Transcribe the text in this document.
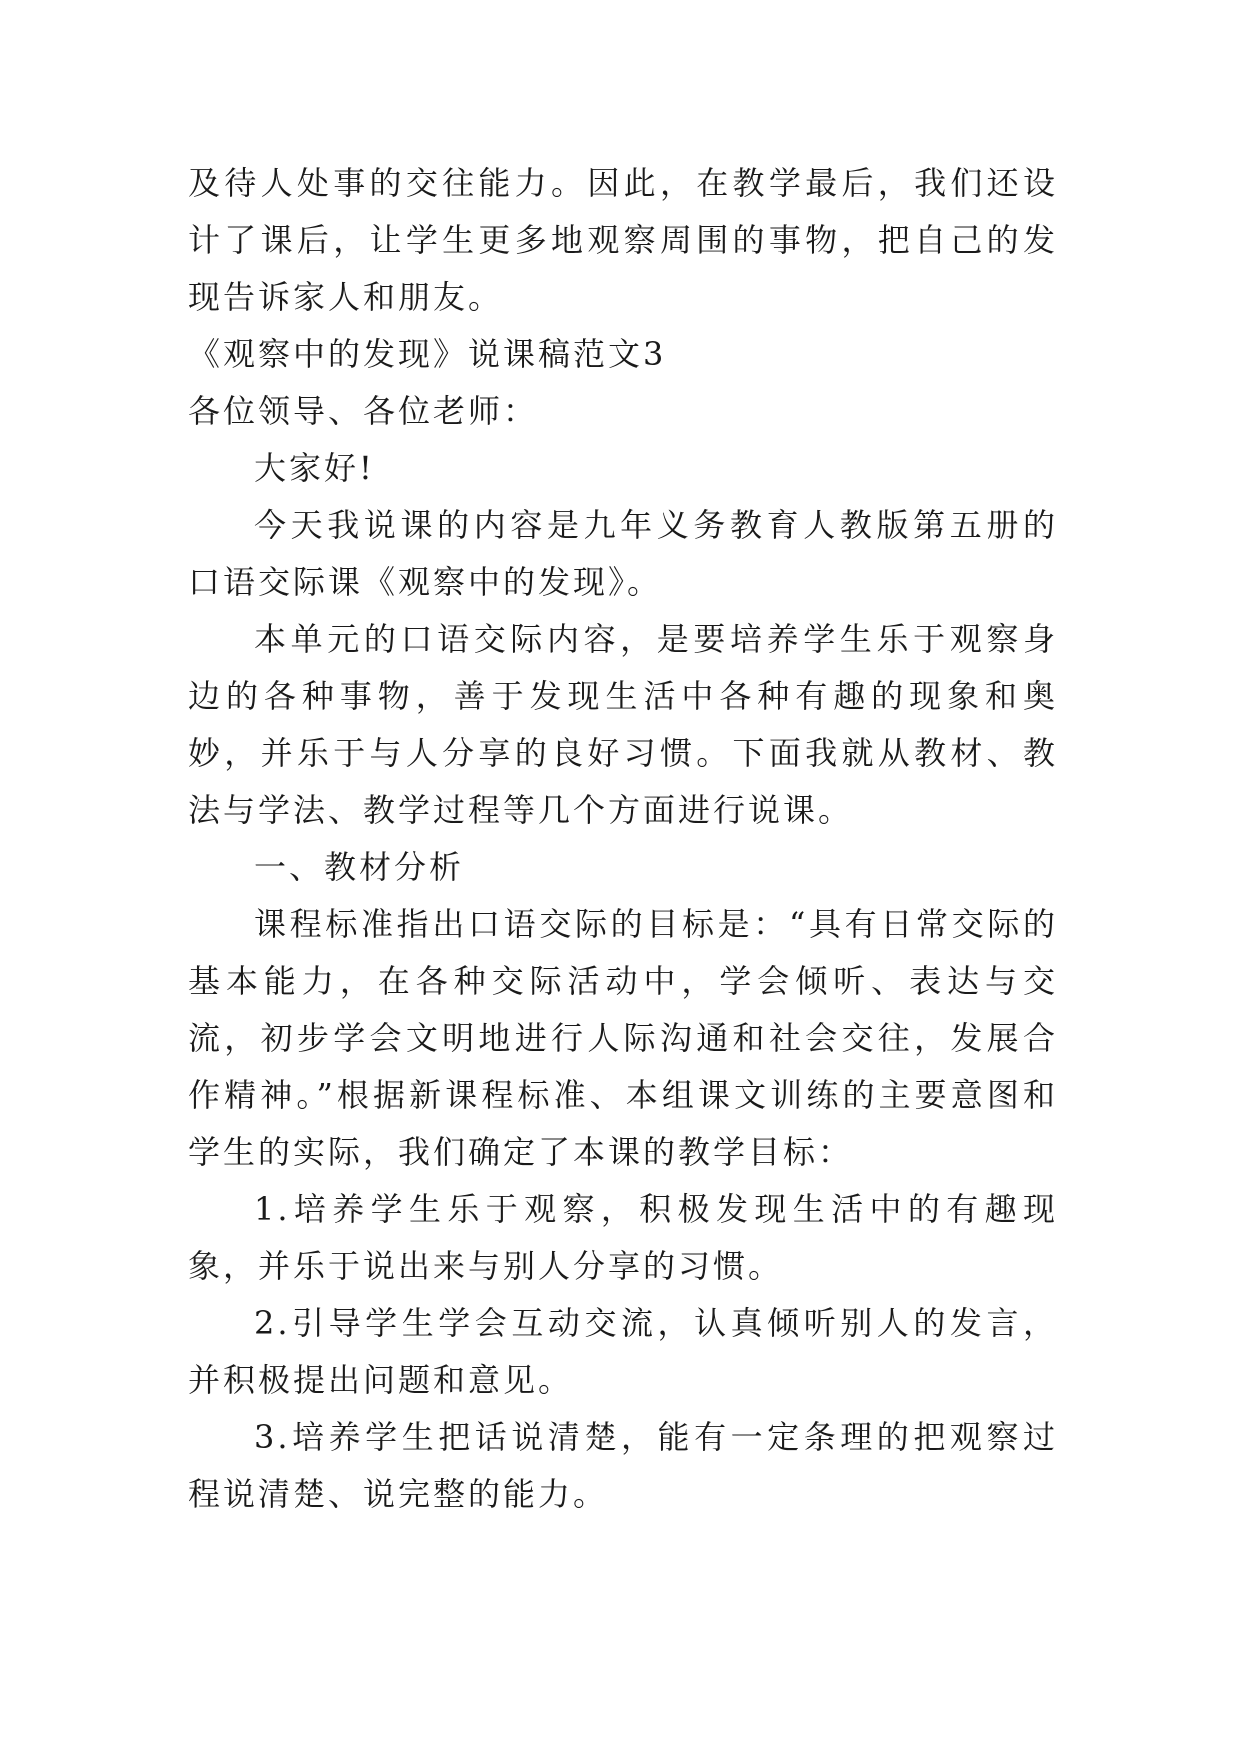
及待人处事的交往能力。因此，在教学最后，我们还设计了课后，让学生更多地观察周围的事物，把自己的发现告诉家人和朋友。

《观察中的发现》说课稿范文3

各位领导、各位老师：

大家好!

今天我说课的内容是九年义务教育人教版第五册的口语交际课《观察中的发现》。

本单元的口语交际内容，是要培养学生乐于观察身边的各种事物，善于发现生活中各种有趣的现象和奥妙，并乐于与人分享的良好习惯。下面我就从教材、教法与学法、教学过程等几个方面进行说课。

一、教材分析

课程标准指出口语交际的目标是：“具有日常交际的基本能力，在各种交际活动中，学会倾听、表达与交流，初步学会文明地进行人际沟通和社会交往，发展合作精神。”根据新课程标准、本组课文训练的主要意图和学生的实际，我们确定了本课的教学目标：

1.培养学生乐于观察，积极发现生活中的有趣现象，并乐于说出来与别人分享的习惯。

2.引导学生学会互动交流，认真倾听别人的发言，并积极提出问题和意见。

3.培养学生把话说清楚，能有一定条理的把观察过程说清楚、说完整的能力。
